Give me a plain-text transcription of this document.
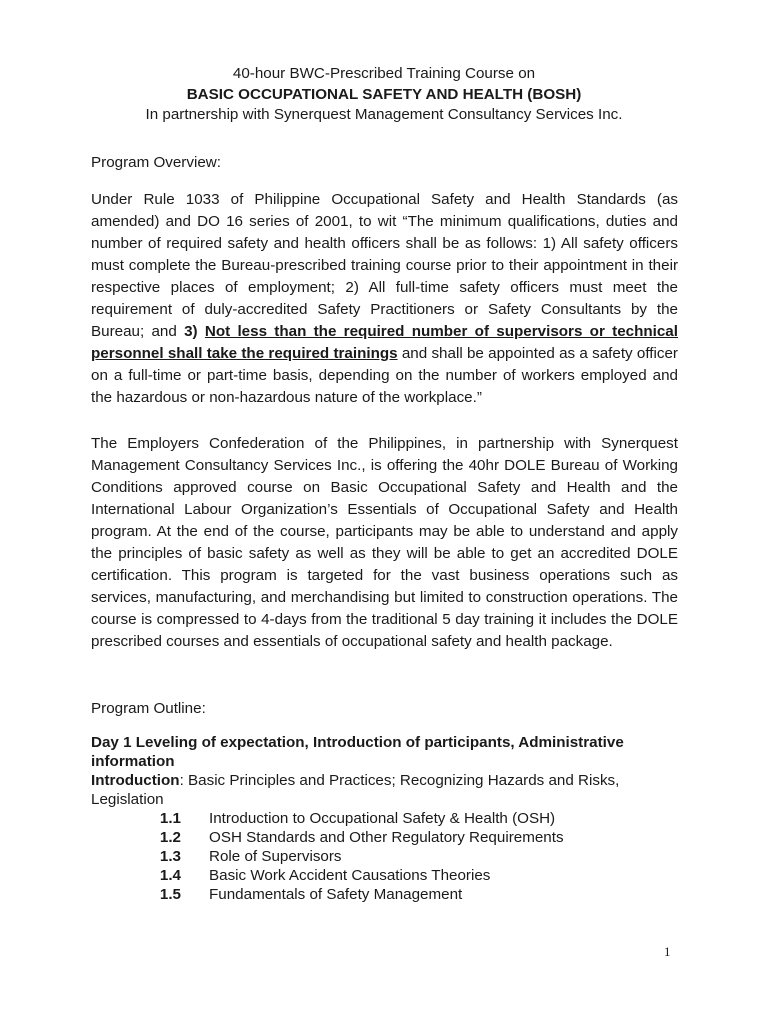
40-hour BWC-Prescribed Training Course on
BASIC OCCUPATIONAL SAFETY AND HEALTH (BOSH)
In partnership with Synerquest Management Consultancy Services Inc.
Program Overview:

Under Rule 1033 of Philippine Occupational Safety and Health Standards (as amended) and DO 16 series of 2001, to wit “The minimum qualifications, duties and number of required safety and health officers shall be as follows: 1) All safety officers must complete the Bureau-prescribed training course prior to their appointment in their respective places of employment; 2) All full-time safety officers must meet the requirement of duly-accredited Safety Practitioners or Safety Consultants by the Bureau; and 3) Not less than the required number of supervisors or technical personnel shall take the required trainings and shall be appointed as a safety officer on a full-time or part-time basis, depending on the number of workers employed and the hazardous or non-hazardous nature of the workplace.”

The Employers Confederation of the Philippines, in partnership with Synerquest Management Consultancy Services Inc., is offering the 40hr DOLE Bureau of Working Conditions approved course on Basic Occupational Safety and Health and the International Labour Organization’s Essentials of Occupational Safety and Health program. At the end of the course, participants may be able to understand and apply the principles of basic safety as well as they will be able to get an accredited DOLE certification. This program is targeted for the vast business operations such as services, manufacturing, and merchandising but limited to construction operations. The course is compressed to 4-days from the traditional 5 day training it includes the DOLE prescribed courses and essentials of occupational safety and health package.

Program Outline:
Day 1 Leveling of expectation, Introduction of participants, Administrative information
Introduction: Basic Principles and Practices; Recognizing Hazards and Risks, Legislation
1.1 Introduction to Occupational Safety & Health (OSH)
1.2 OSH Standards and Other Regulatory Requirements
1.3 Role of Supervisors
1.4 Basic Work Accident Causations Theories
1.5 Fundamentals of Safety Management
1
